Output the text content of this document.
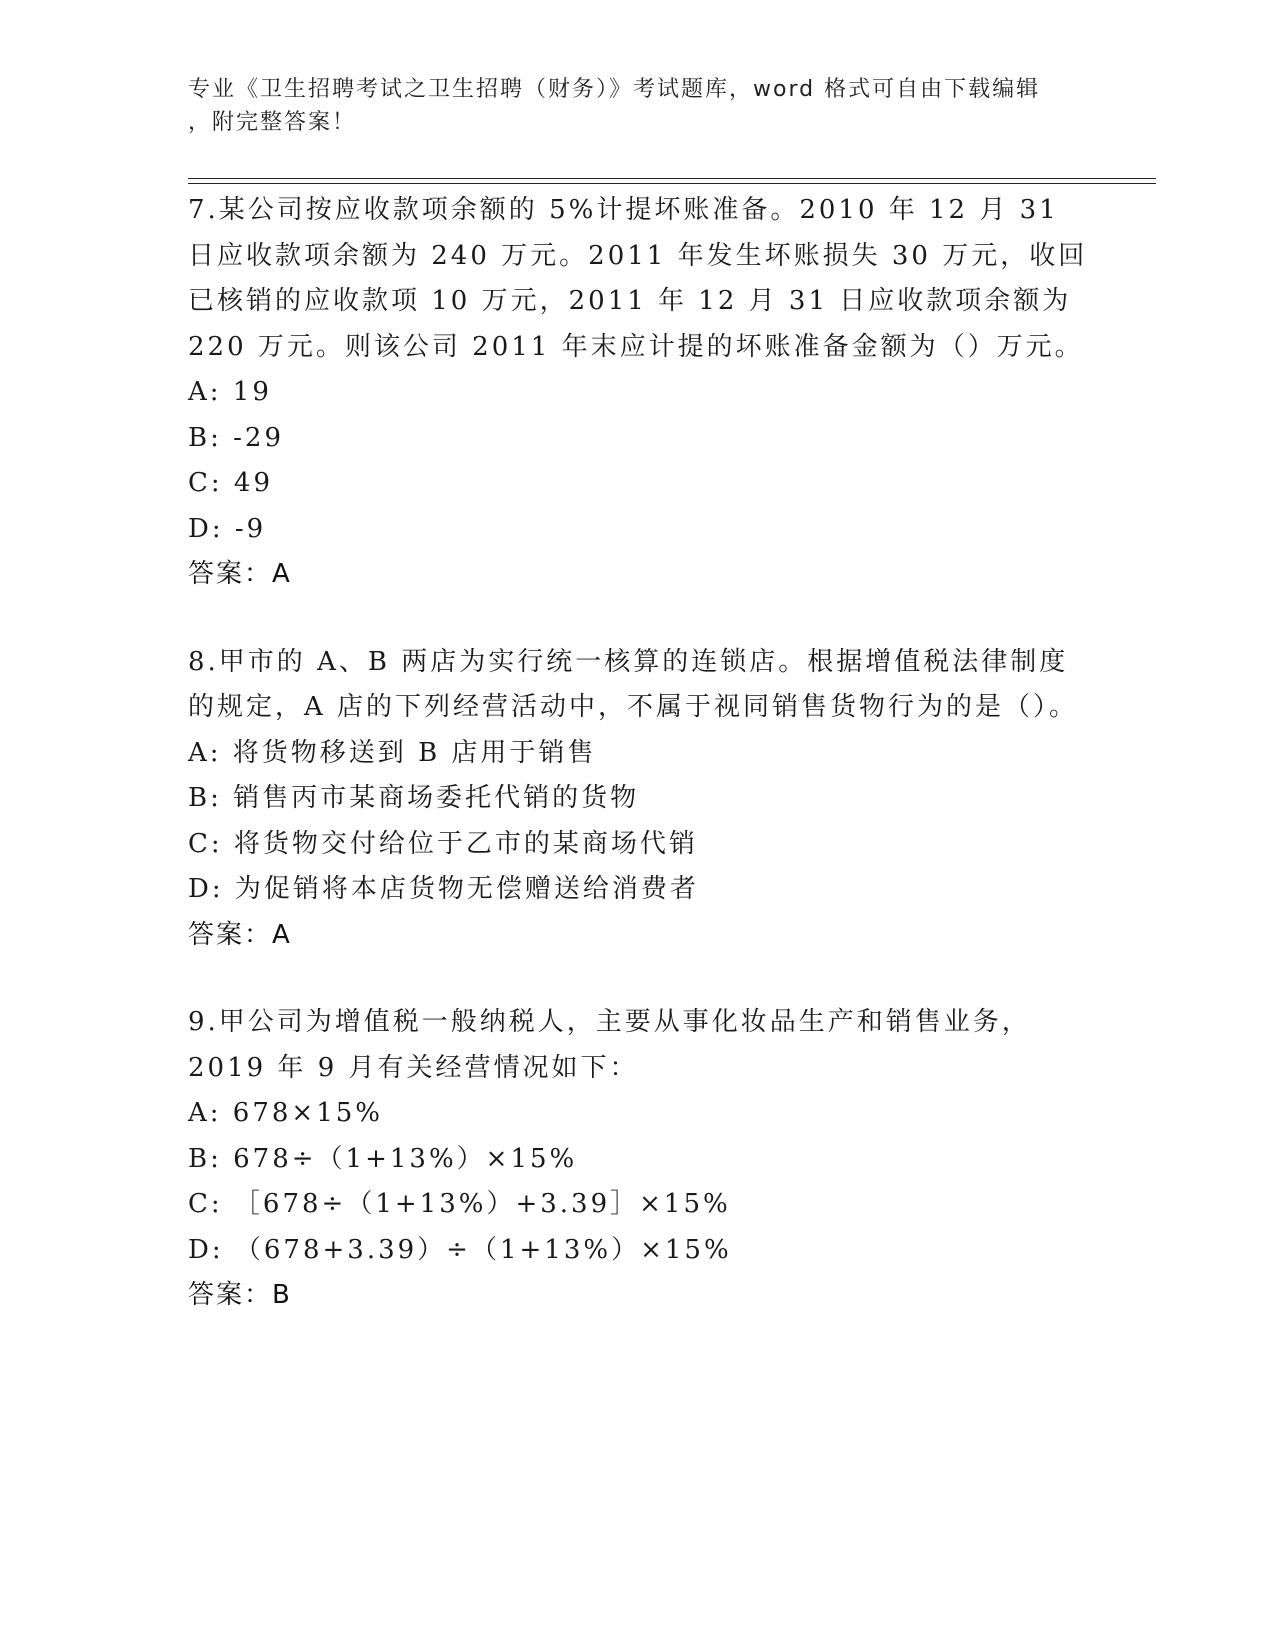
专业《卫生招聘考试之卫生招聘（财务）》考试题库，word 格式可自由下载编辑
，附完整答案！

7.某公司按应收款项余额的 5%计提坏账准备。2010 年 12 月 31 日应收款项余额为 240 万元。2011 年发生坏账损失 30 万元，收回已核销的应收款项 10 万元，2011 年 12 月 31 日应收款项余额为 220 万元。则该公司 2011 年末应计提的坏账准备金额为（）万元。

A: 19
B: -29
C: 49
D: -9
答案：A

8.甲市的 A、B 两店为实行统一核算的连锁店。根据增值税法律制度的规定，A 店的下列经营活动中，不属于视同销售货物行为的是（）。

A: 将货物移送到 B 店用于销售
B: 销售丙市某商场委托代销的货物
C: 将货物交付给位于乙市的某商场代销
D: 为促销将本店货物无偿赠送给消费者
答案：A

9.甲公司为增值税一般纳税人，主要从事化妆品生产和销售业务，2019 年 9 月有关经营情况如下：

A: 678×15%
B: 678÷（1+13%）×15%
C: ［678÷（1+13%）+3.39］×15%
D: （678+3.39）÷（1+13%）×15%
答案：B
